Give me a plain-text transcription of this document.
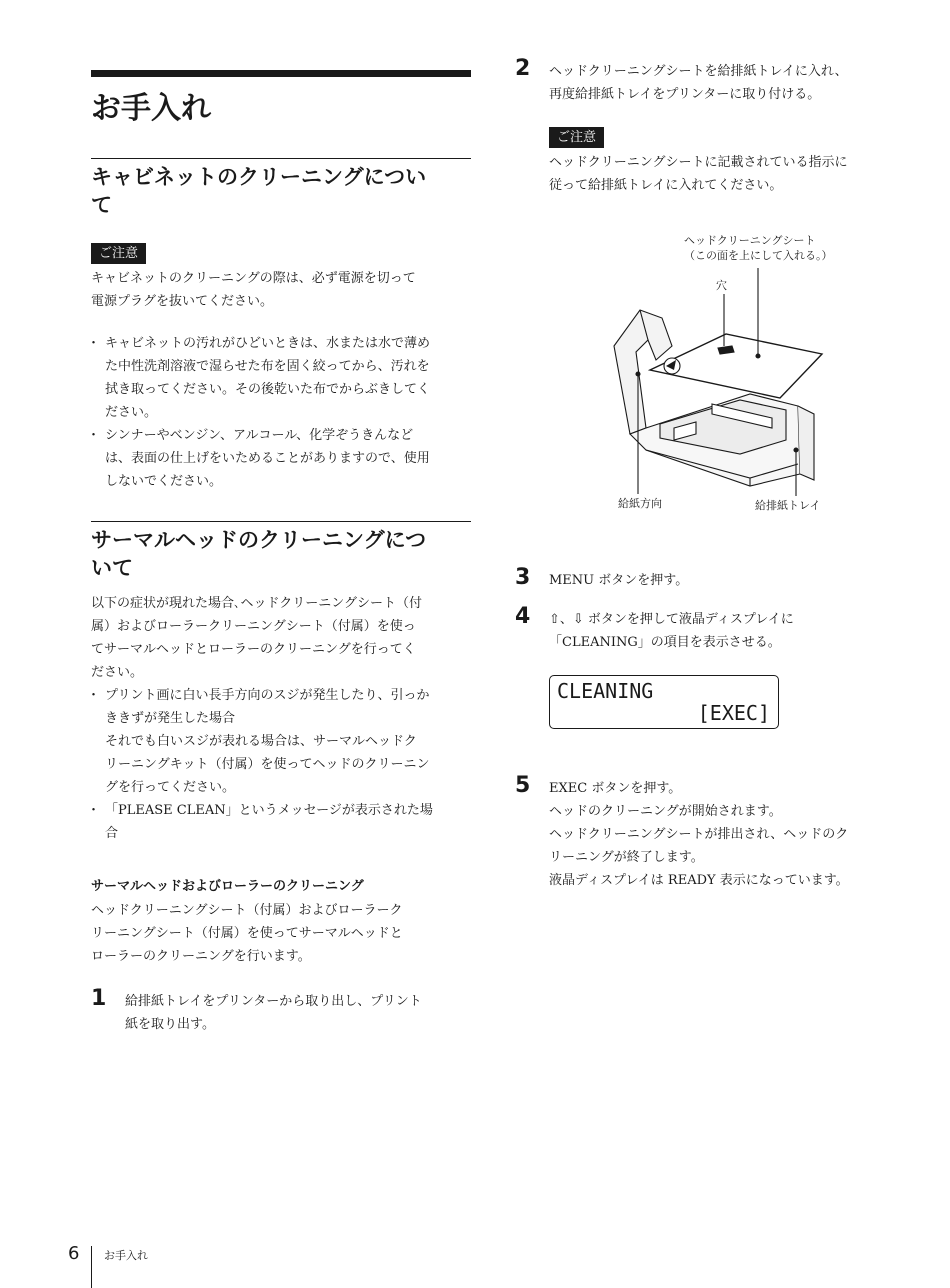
お手入れ
キャビネットのクリーニングについ
て
ご注意

キャビネットのクリーニングの際は、必ず電源を切って
電源プラグを抜いてください。

・ キャビネットの汚れがひどいときは、水または水で薄め
た中性洗剤溶液で湿らせた布を固く絞ってから、汚れを
拭き取ってください。その後乾いた布でからぶきしてく
ださい。
・ シンナーやベンジン、アルコール、化学ぞうきんなど
は、表面の仕上げをいためることがありますので、使用
しないでください。
サーマルヘッドのクリーニングにつ
いて

以下の症状が現れた場合､ヘッドクリーニングシート（付
属）およびローラークリーニングシート（付属）を使っ
てサーマルヘッドとローラーのクリーニングを行ってく
ださい。

・ プリント画に白い長手方向のスジが発生したり、引っか
ききずが発生した場合
それでも白いスジが表れる場合は、サーマルヘッドク
リーニングキット（付属）を使ってヘッドのクリーニン
グを行ってください。
・ 「PLEASE CLEAN」というメッセージが表示された場
合

サーマルヘッドおよびローラーのクリーニング

ヘッドクリーニングシート（付属）およびローラーク
リーニングシート（付属）を使ってサーマルヘッドと
ローラーのクリーニングを行います。

1 給排紙トレイをプリンターから取り出し、プリント
紙を取り出す。

2 ヘッドクリーニングシートを給排紙トレイに入れ、
再度給排紙トレイをプリンターに取り付ける。

ご注意

ヘッドクリーニングシートに記載されている指示に
従って給排紙トレイに入れてください。

3 MENU ボタンを押す。

4 ⇧、⇩ ボタンを押して液晶ディスプレイに
「CLEANING」の項目を表示させる。

CLEANING
[EXEC]
5 EXEC ボタンを押す。
ヘッドのクリーニングが開始されます。
ヘッドクリーニングシートが排出され、ヘッドのク
リーニングが終了します。
液晶ディスプレイは READY 表示になっています。

ヘッドクリーニングシート
（この面を上にして入れる。）
穴
給紙方向	給排紙トレイ
6 お手入れ
